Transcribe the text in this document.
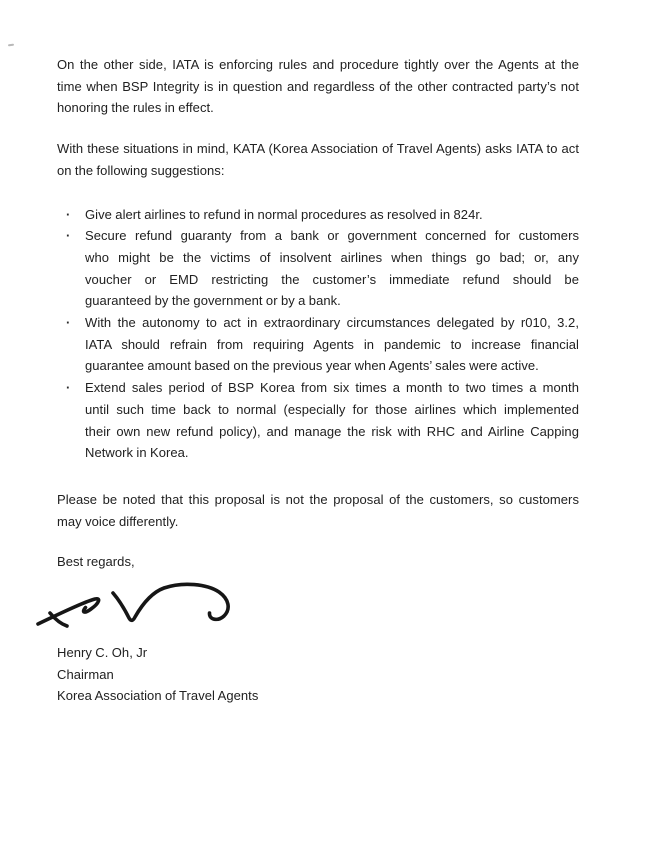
On the other side, IATA is enforcing rules and procedure tightly over the Agents at the
time when BSP Integrity is in question and regardless of the other contracted party’s not
honoring the rules in effect.

With these situations in mind, KATA (Korea Association of Travel Agents) asks IATA to act
on the following suggestions:

· Give alert airlines to refund in normal procedures as resolved in 824r.
· Secure refund guaranty from a bank or government concerned for customers
who might be the victims of insolvent airlines when things go bad; or, any
voucher or EMD restricting the customer’s immediate refund should be
guaranteed by the government or by a bank.
· With the autonomy to act in extraordinary circumstances delegated by r010, 3.2,
IATA should refrain from requiring Agents in pandemic to increase financial
guarantee amount based on the previous year when Agents’ sales were active.
· Extend sales period of BSP Korea from six times a month to two times a month
until such time back to normal (especially for those airlines which implemented
their own new refund policy), and manage the risk with RHC and Airline Capping
Network in Korea.

Please be noted that this proposal is not the proposal of the customers, so customers
may voice differently.

Best regards,

Henry C. Oh, Jr

Chairman

Korea Association of Travel Agents
